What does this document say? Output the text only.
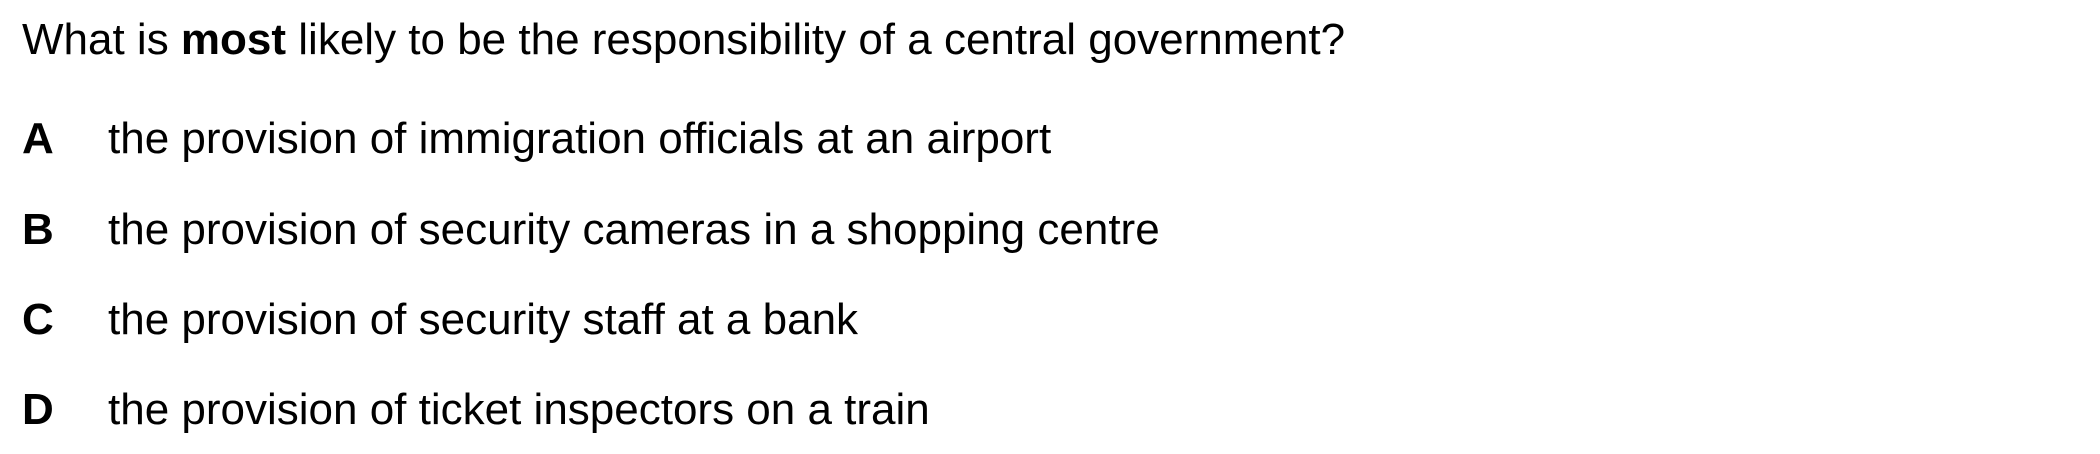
What is most likely to be the responsibility of a central government?
A	the provision of immigration officials at an airport
B	the provision of security cameras in a shopping centre
C	the provision of security staff at a bank
D	the provision of ticket inspectors on a train
